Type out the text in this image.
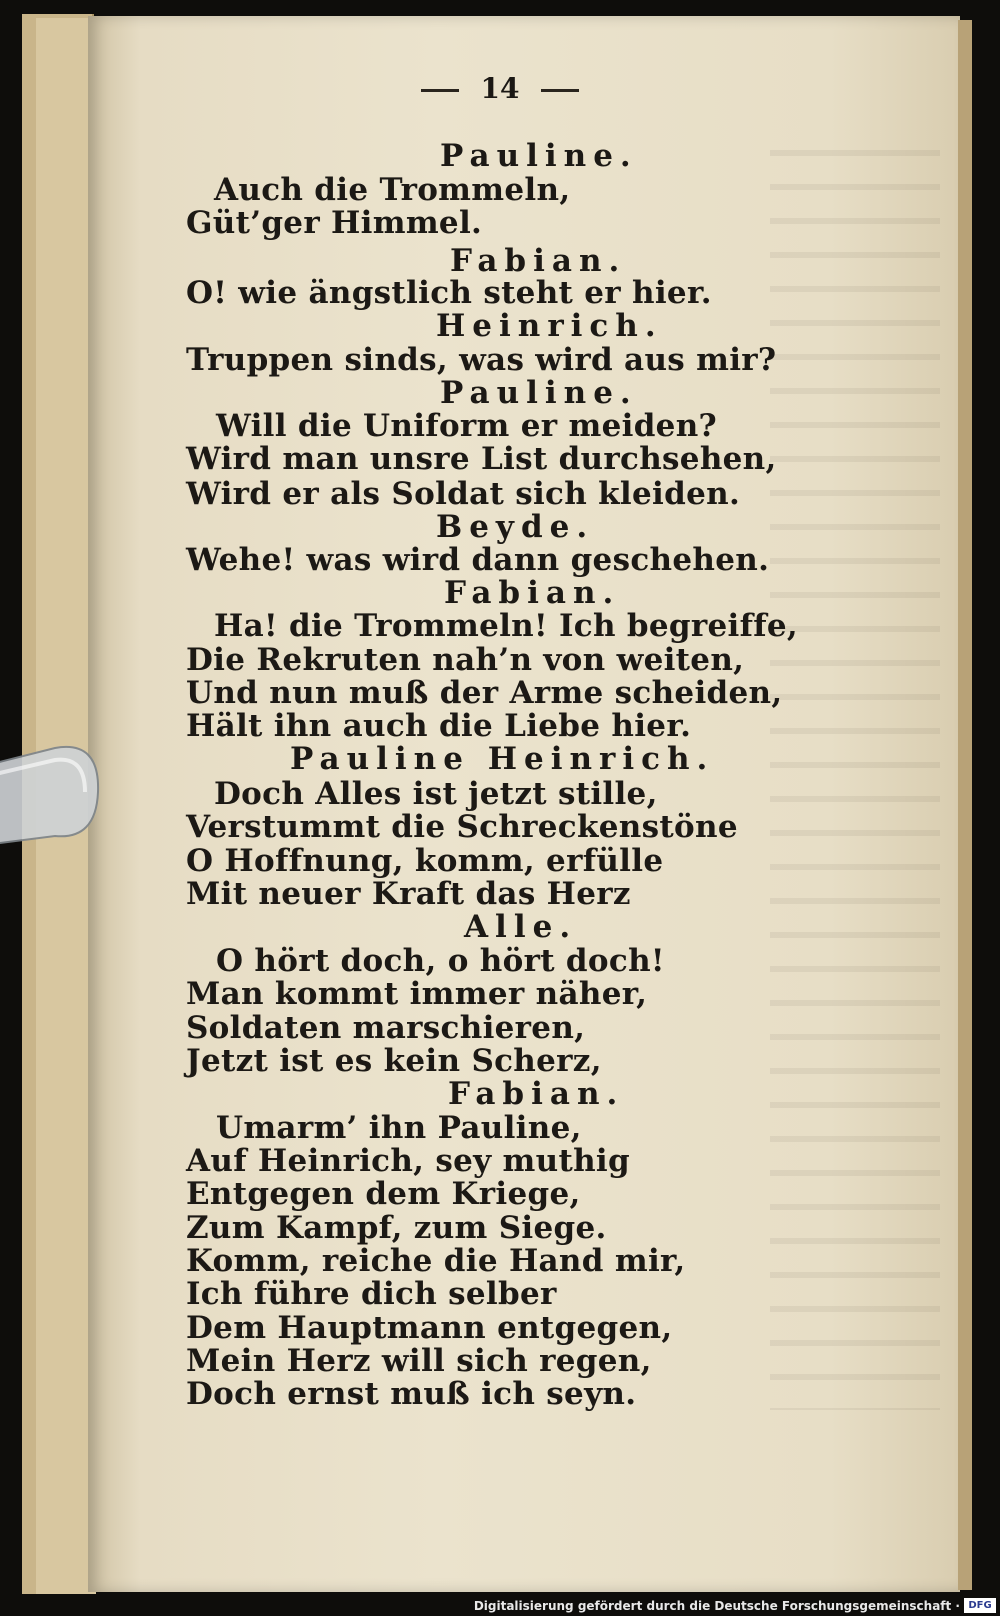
14
Pauline.
Auch die Trommeln,
Güt’ger Himmel.
Fabian.
O! wie ängstlich steht er hier.
Heinrich.
Truppen sinds, was wird aus mir?
Pauline.
Will die Uniform er meiden?
Wird man unsre List durchsehen,
Wird er als Soldat sich kleiden.
Beyde.
Wehe! was wird dann geschehen.
Fabian.
Ha! die Trommeln! Ich begreiffe,
Die Rekruten nah’n von weiten,
Und nun muß der Arme scheiden,
Hält ihn auch die Liebe hier.
Pauline Heinrich.
Doch Alles ist jetzt stille,
Verstummt die Schreckenstöne
O Hoffnung, komm, erfülle
Mit neuer Kraft das Herz
Alle.
O hört doch, o hört doch!
Man kommt immer näher,
Soldaten marschieren,
Jetzt ist es kein Scherz,
Fabian.
Umarm’ ihn Pauline,
Auf Heinrich, sey muthig
Entgegen dem Kriege,
Zum Kampf, zum Siege.
Komm, reiche die Hand mir,
Ich führe dich selber
Dem Hauptmann entgegen,
Mein Herz will sich regen,
Doch ernst muß ich seyn.
Digitalisierung gefördert durch die Deutsche Forschungsgemeinschaft · DFG
